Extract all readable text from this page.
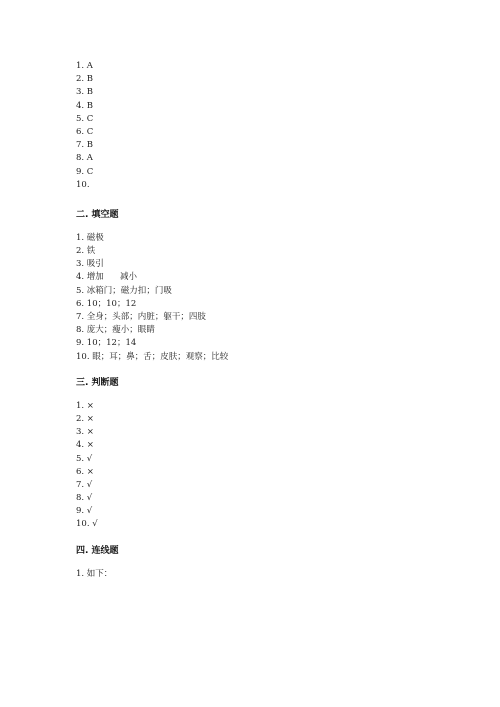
1. A
2. B
3. B
4. B
5. C
6. C
7. B
8. A
9. C
10.
二. 填空题
1. 磁极
2. 铁
3. 吸引
4. 增加      减小
5. 冰箱门；磁力扣；门吸
6. 10；10；12
7. 全身；头部；内脏；躯干；四肢
8. 庞大；瘦小；眼睛
9. 10；12；14
10. 眼；耳；鼻；舌；皮肤；观察；比较
三. 判断题
1. ×
2. ×
3. ×
4. ×
5. √
6. ×
7. √
8. √
9. √
10. √
四. 连线题
1. 如下：
